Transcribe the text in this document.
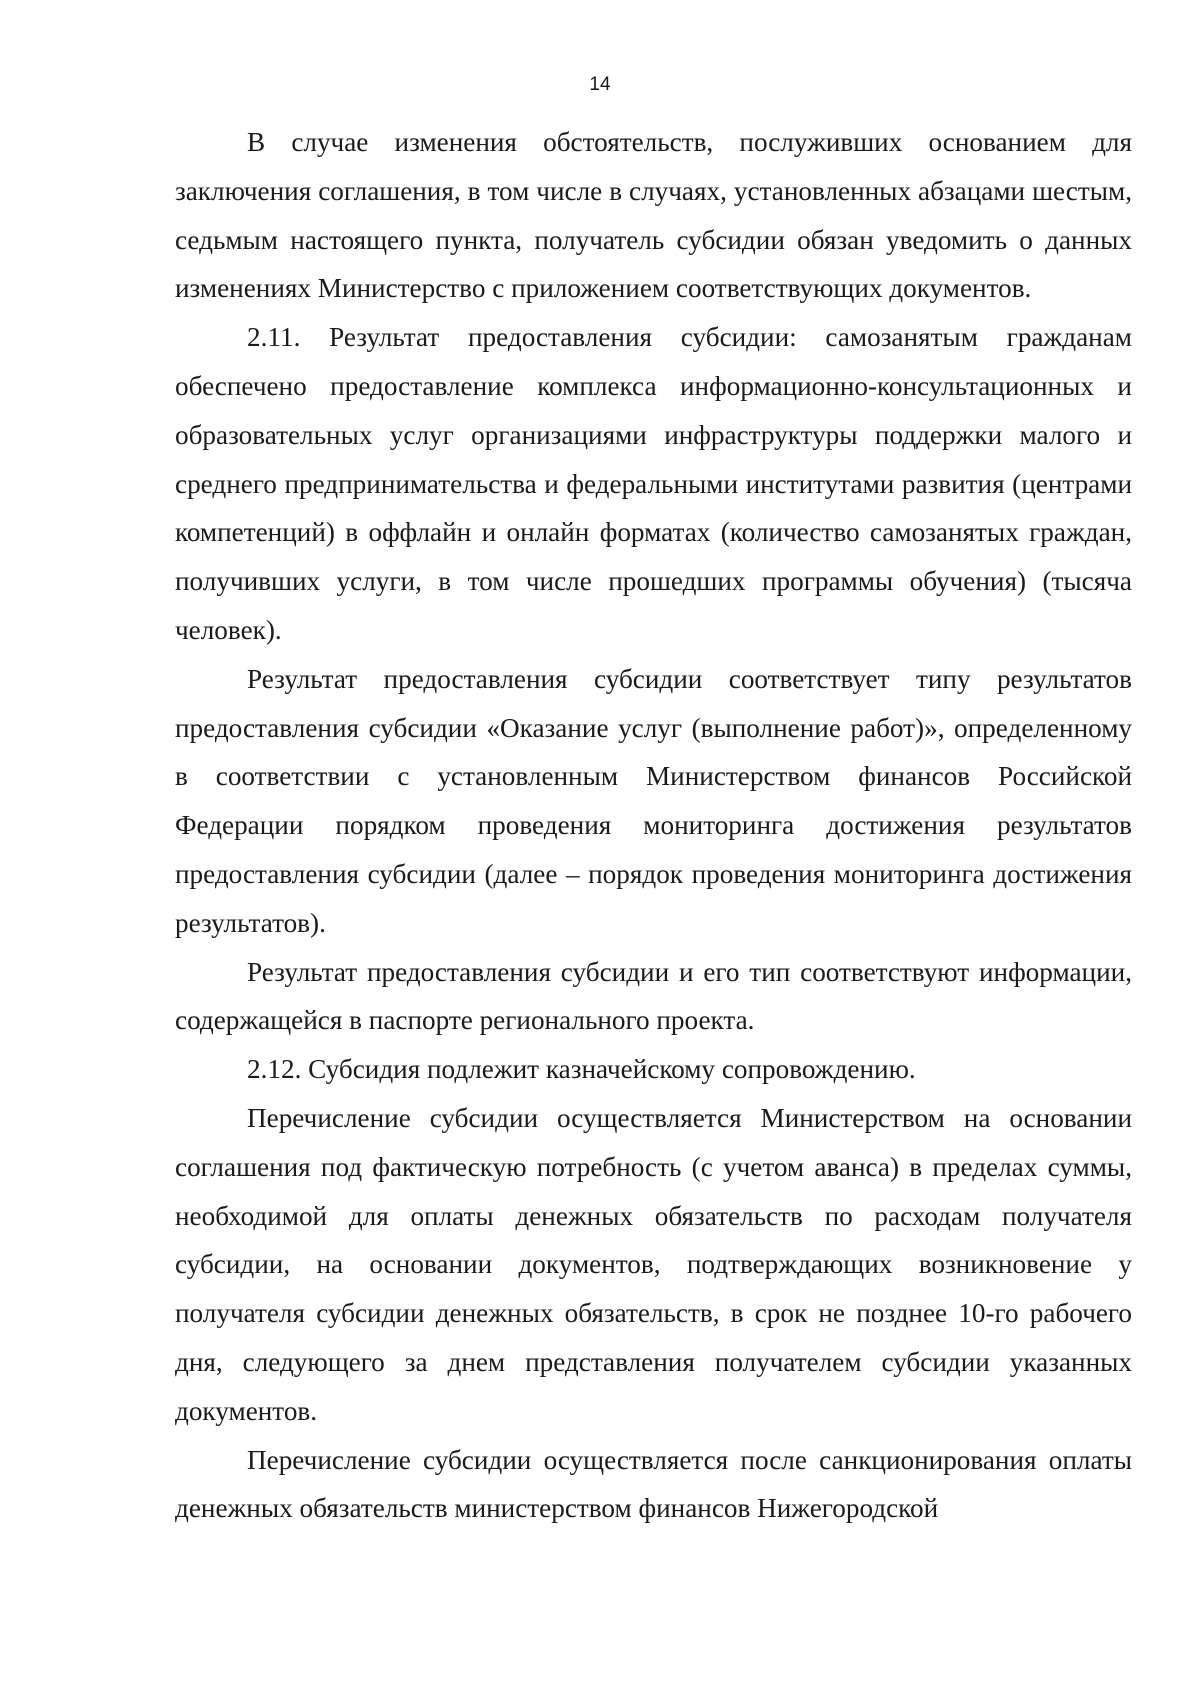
14

В случае изменения обстоятельств, послуживших основанием для заключения соглашения, в том числе в случаях, установленных абзацами шестым, седьмым настоящего пункта, получатель субсидии обязан уведомить о данных изменениях Министерство с приложением соответствующих документов.

2.11. Результат предоставления субсидии: самозанятым гражданам обеспечено предоставление комплекса информационно-консультационных и образовательных услуг организациями инфраструктуры поддержки малого и среднего предпринимательства и федеральными институтами развития (центрами компетенций) в оффлайн и онлайн форматах (количество самозанятых граждан, получивших услуги, в том числе прошедших программы обучения) (тысяча человек).

Результат предоставления субсидии соответствует типу результатов предоставления субсидии «Оказание услуг (выполнение работ)», определенному в соответствии с установленным Министерством финансов Российской Федерации порядком проведения мониторинга достижения результатов предоставления субсидии (далее – порядок проведения мониторинга достижения результатов).

Результат предоставления субсидии и его тип соответствуют информации, содержащейся в паспорте регионального проекта.

2.12. Субсидия подлежит казначейскому сопровождению.

Перечисление субсидии осуществляется Министерством на основании соглашения под фактическую потребность (с учетом аванса) в пределах суммы, необходимой для оплаты денежных обязательств по расходам получателя субсидии, на основании документов, подтверждающих возникновение у получателя субсидии денежных обязательств, в срок не позднее 10-го рабочего дня, следующего за днем представления получателем субсидии указанных документов.

Перечисление субсидии осуществляется после санкционирования оплаты денежных обязательств министерством финансов Нижегородской
